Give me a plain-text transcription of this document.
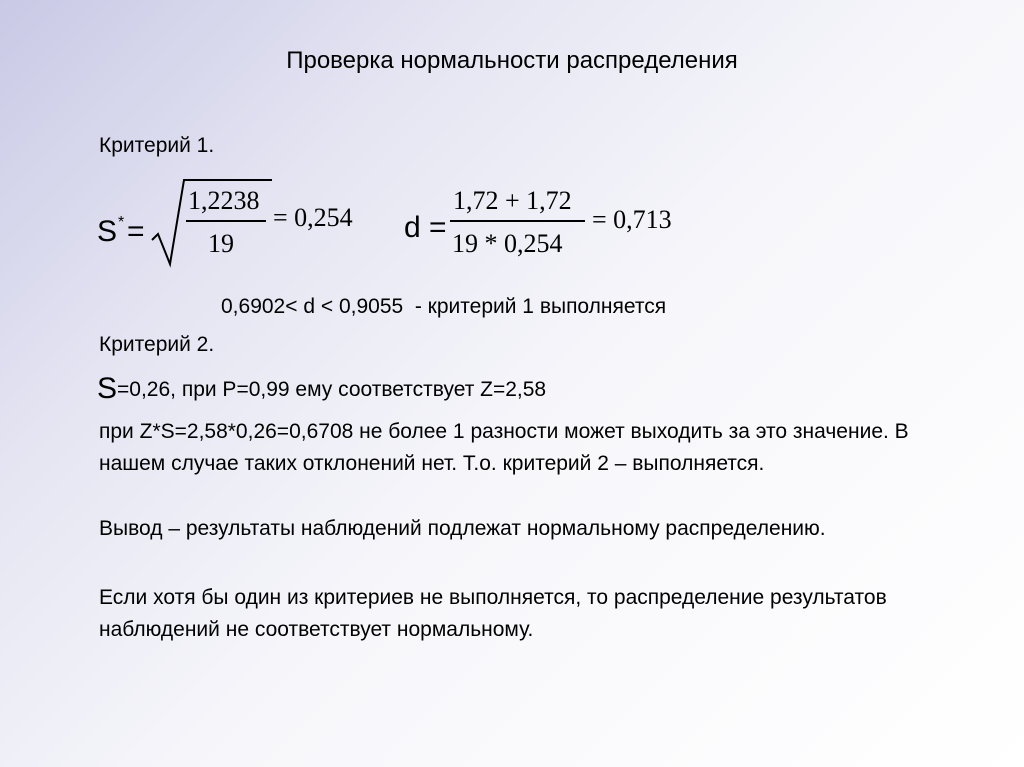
Проверка нормальности распределения
Критерий 1.
S * =
1,2238
19
= 0,254 d =
1,72 + 1,72
19 * 0,254
= 0,713
0,6902< d < 0,9055  - критерий 1 выполняется
Критерий 2.
S=0,26, при P=0,99 ему соответствует Z=2,58
при Z*S=2,58*0,26=0,6708 не более 1 разности может выходить за это значение. В нашем случае таких отклонений нет. Т.о. критерий 2 – выполняется.
Вывод – результаты наблюдений подлежат нормальному распределению.
Если хотя бы один из критериев не выполняется, то распределение результатов наблюдений не соответствует нормальному.
